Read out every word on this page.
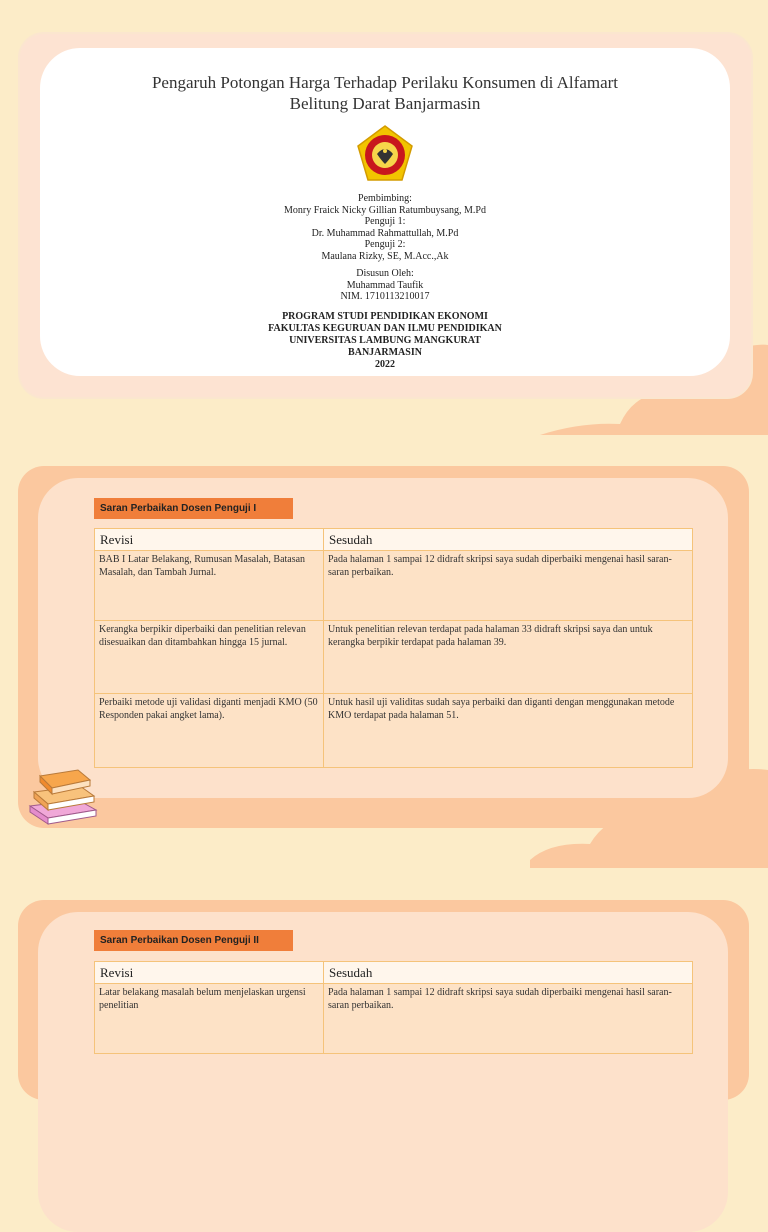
Pengaruh Potongan Harga Terhadap Perilaku Konsumen di Alfamart
Belitung Darat Banjarmasin
Pembimbing:
Monry Fraick Nicky Gillian Ratumbuysang, M.Pd
Penguji 1:
Dr. Muhammad Rahmattullah, M.Pd
Penguji 2:
Maulana Rizky, SE, M.Acc.,Ak
Disusun Oleh:
Muhammad Taufik
NIM. 1710113210017
PROGRAM STUDI PENDIDIKAN EKONOMI
FAKULTAS KEGURUAN DAN ILMU PENDIDIKAN
UNIVERSITAS LAMBUNG MANGKURAT
BANJARMASIN
2022
Saran Perbaikan Dosen Penguji I
Revisi	Sesudah
BAB I Latar Belakang, Rumusan Masalah, Batasan Masalah, dan Tambah Jurnal.	Pada halaman 1 sampai 12 didraft skripsi saya sudah diperbaiki mengenai hasil saran-saran perbaikan.
Kerangka berpikir diperbaiki dan penelitian relevan disesuaikan dan ditambahkan hingga 15 jurnal.	Untuk penelitian relevan terdapat pada halaman 33 didraft skripsi saya dan untuk kerangka berpikir terdapat pada halaman 39.
Perbaiki metode uji validasi diganti menjadi KMO (50 Responden pakai angket lama).	Untuk hasil uji validitas sudah saya perbaiki dan diganti dengan menggunakan metode KMO terdapat pada halaman 51.
Saran Perbaikan Dosen Penguji II
Revisi	Sesudah
Latar belakang masalah belum menjelaskan urgensi penelitian	Pada halaman 1 sampai 12 didraft skripsi saya sudah diperbaiki mengenai hasil saran-saran perbaikan.
